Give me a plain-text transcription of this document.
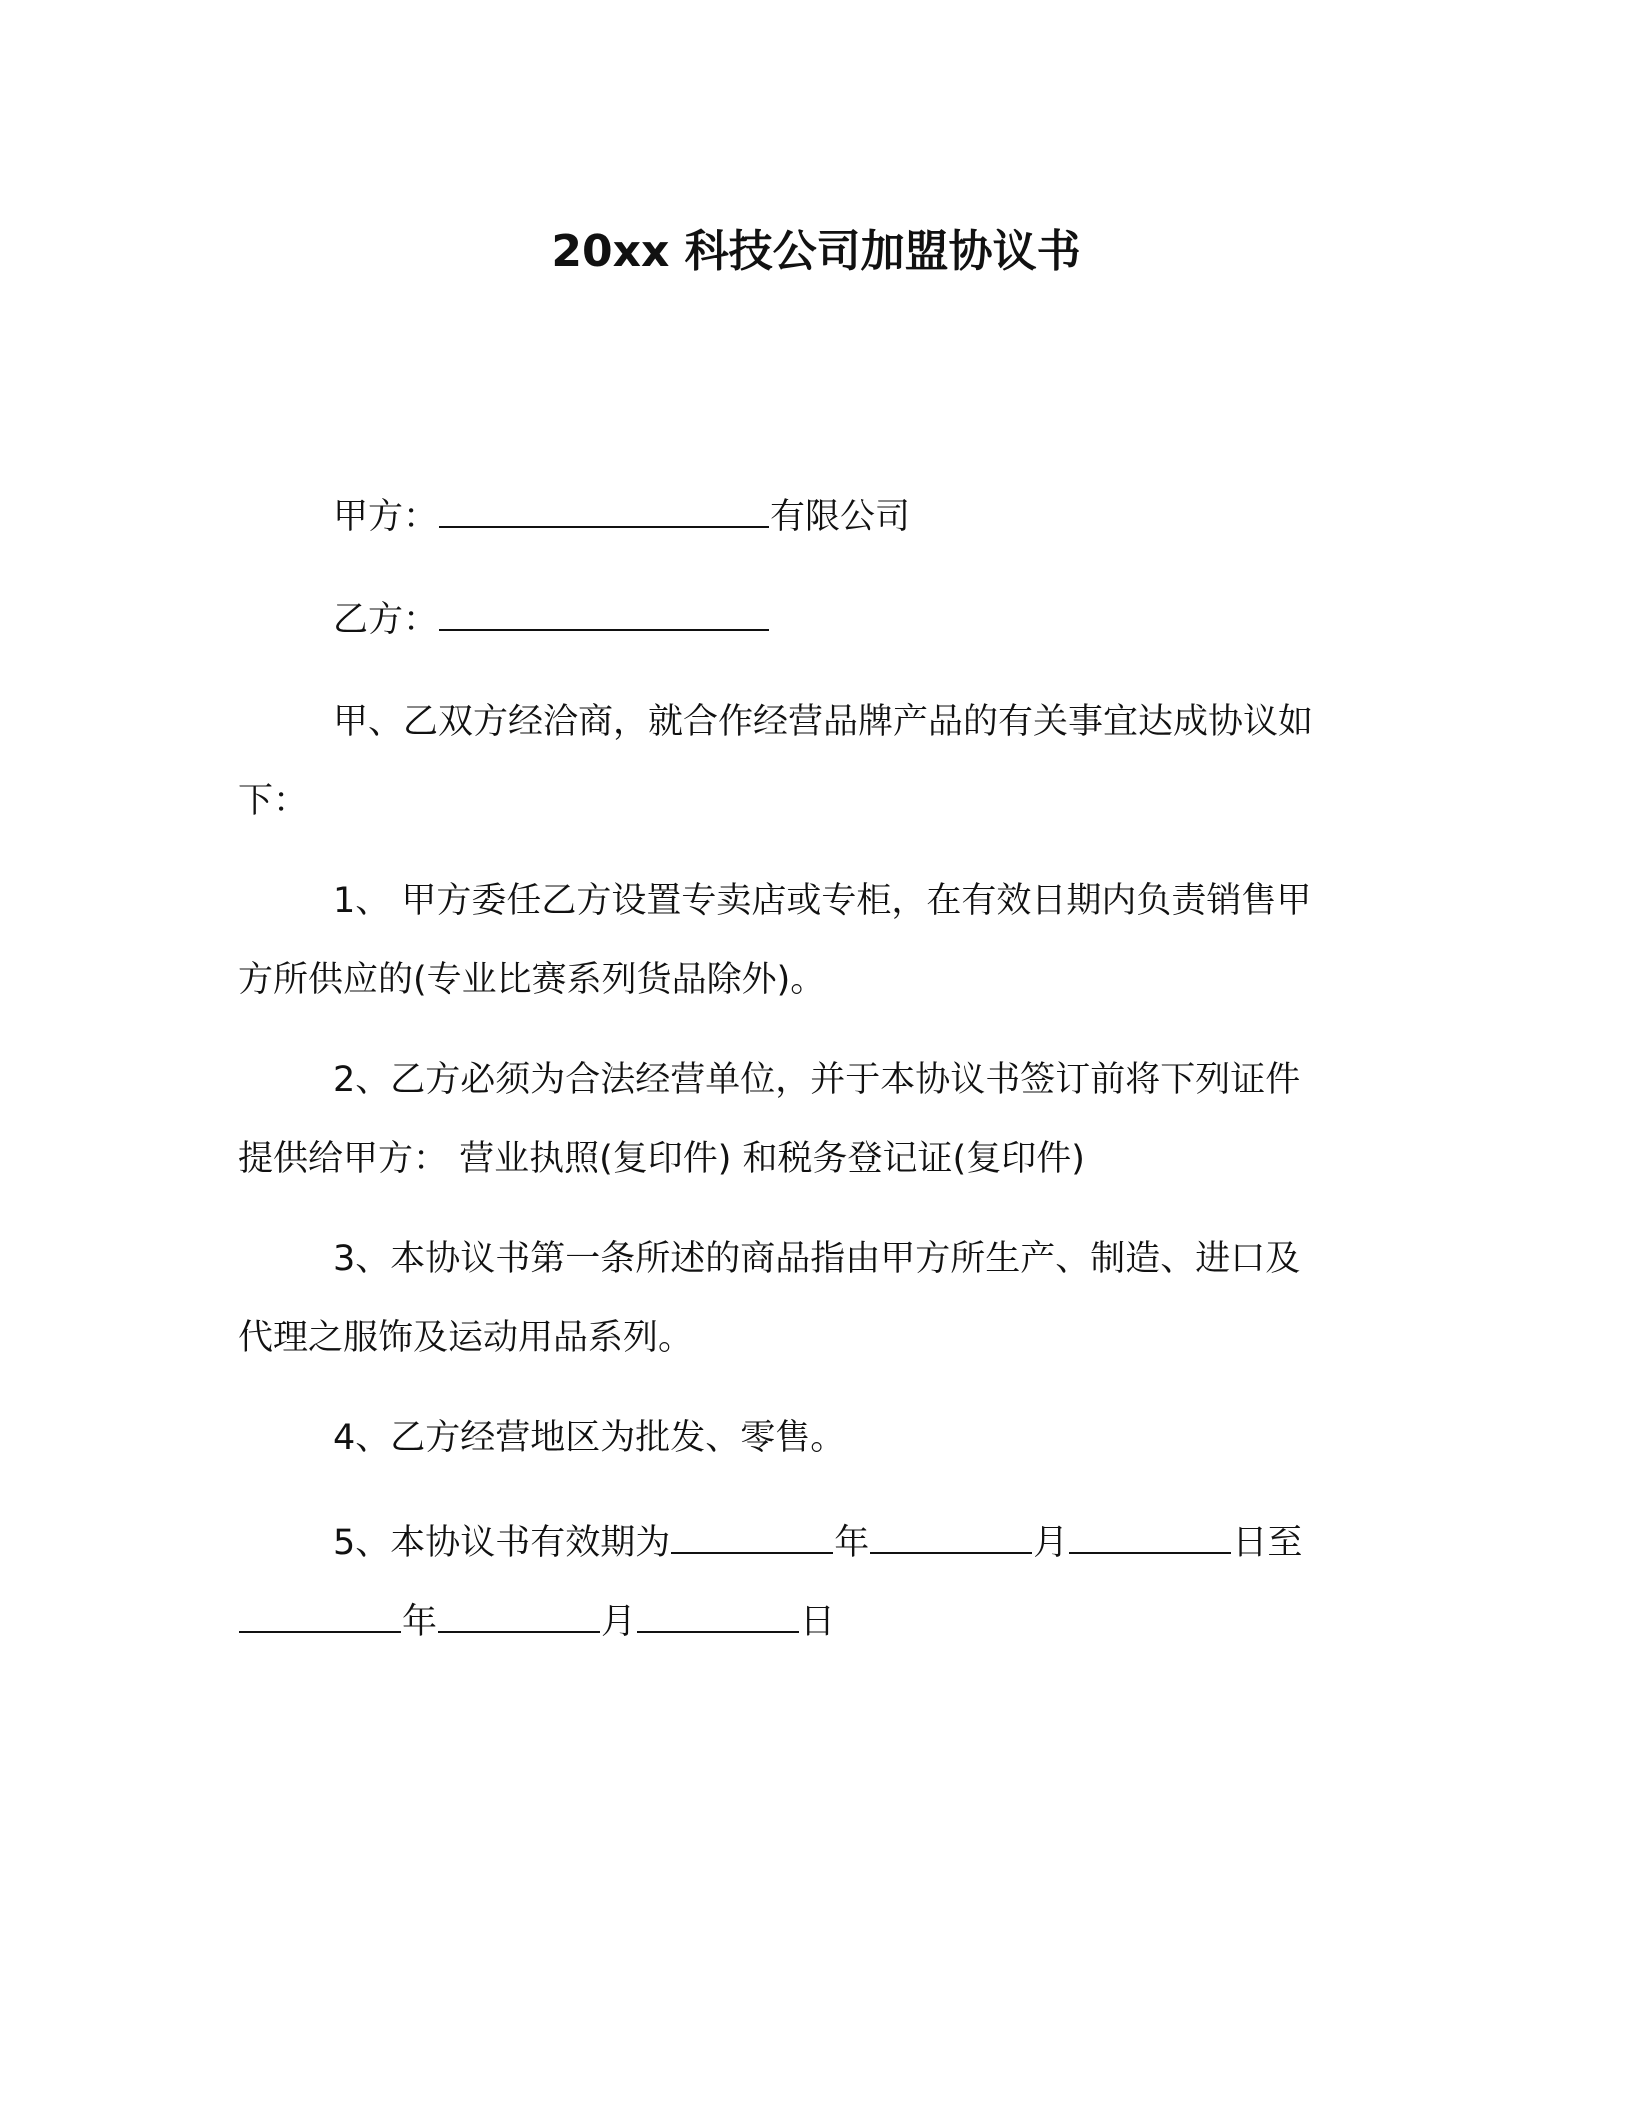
20xx 科技公司加盟协议书
甲方：	有限公司
乙方：
甲、乙双方经洽商，就合作经营品牌产品的有关事宜达成协议如
下：
1、 甲方委任乙方设置专卖店或专柜，在有效日期内负责销售甲
方所供应的(专业比赛系列货品除外)。
2、乙方必须为合法经营单位，并于本协议书签订前将下列证件
提供给甲方： 营业执照(复印件) 和税务登记证(复印件)
3、本协议书第一条所述的商品指由甲方所生产、制造、进口及
代理之服饰及运动用品系列。
4、乙方经营地区为批发、零售。
5、本协议书有效期为	年	月	日至
年	月	日
